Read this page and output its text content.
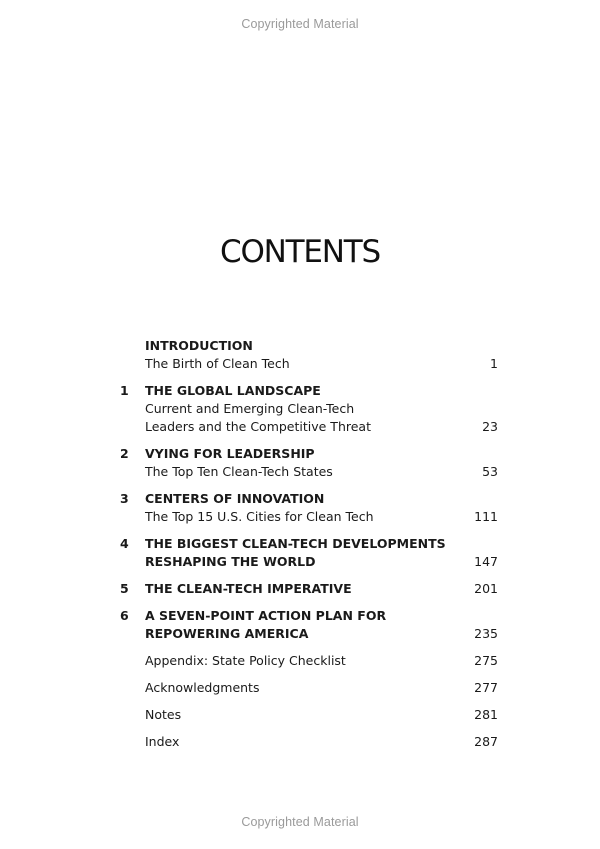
Copyrighted Material
CONTENTS
INTRODUCTION
The Birth of Clean Tech	1
1 THE GLOBAL LANDSCAPE
Current and Emerging Clean-Tech
Leaders and the Competitive Threat	23
2 VYING FOR LEADERSHIP
The Top Ten Clean-Tech States	53
3 CENTERS OF INNOVATION
The Top 15 U.S. Cities for Clean Tech	111
4 THE BIGGEST CLEAN-TECH DEVELOPMENTS
RESHAPING THE WORLD	147
5 THE CLEAN-TECH IMPERATIVE	201
6 A SEVEN-POINT ACTION PLAN FOR
REPOWERING AMERICA	235
Appendix: State Policy Checklist	275
Acknowledgments	277
Notes	281
Index	287
Copyrighted Material
